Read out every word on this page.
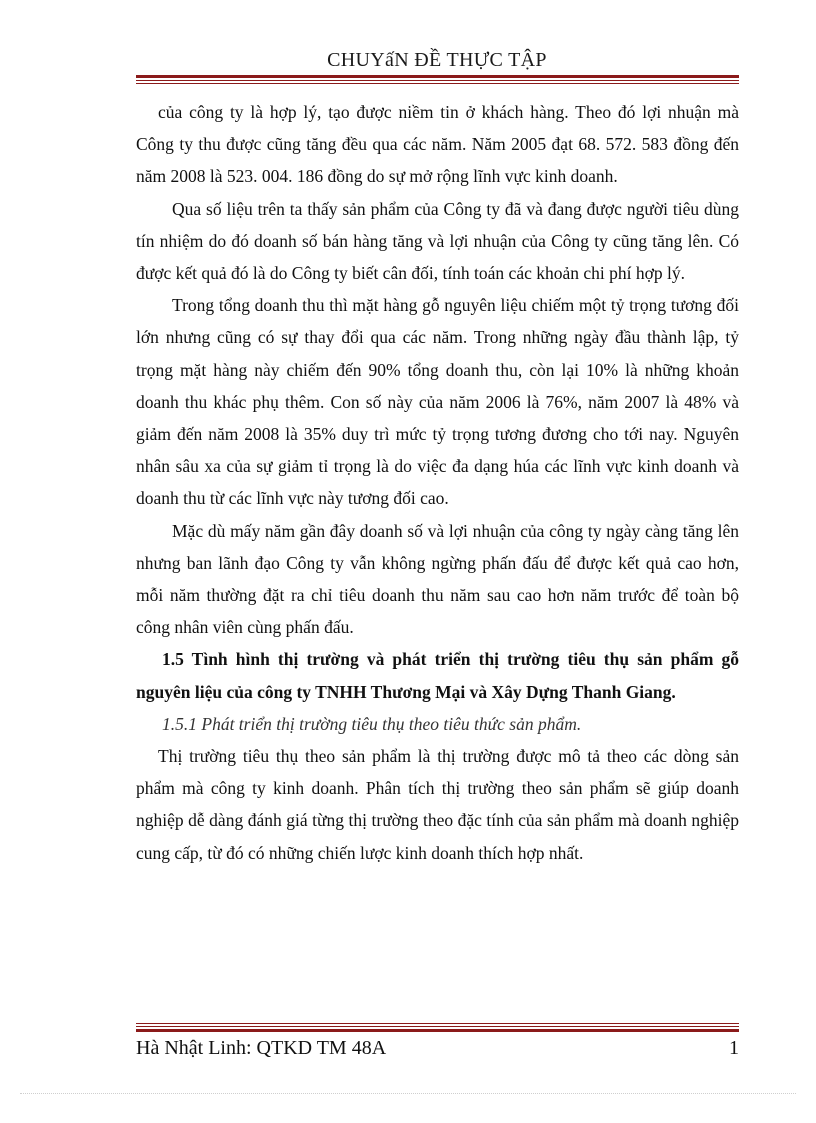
CHUYấN ĐỀ THỰC TẬP

của công ty là hợp lý, tạo được niềm tin ở khách hàng. Theo đó lợi nhuận mà Công ty thu được cũng tăng đều qua các năm. Năm 2005 đạt 68. 572. 583 đồng đến năm 2008 là 523. 004. 186 đồng do sự mở rộng lĩnh vực kinh doanh.

Qua số liệu trên ta thấy sản phẩm của Công ty đã và đang được người tiêu dùng tín nhiệm do đó doanh số bán hàng tăng và lợi nhuận của Công ty cũng tăng lên. Có được kết quả đó là do Công ty biết cân đối, tính toán các khoản chi phí hợp lý.

Trong tổng doanh thu thì mặt hàng gỗ nguyên liệu chiếm một tỷ trọng tương đối lớn nhưng cũng có sự thay đổi qua các năm. Trong những ngày đầu thành lập, tỷ trọng mặt hàng này chiếm đến 90% tổng doanh thu, còn lại 10% là những khoản doanh thu khác phụ thêm. Con số này của năm 2006 là 76%, năm 2007 là 48% và giảm đến năm 2008 là 35% duy trì mức tỷ trọng tương đương cho tới nay. Nguyên nhân sâu xa của sự giảm tỉ trọng là do việc đa dạng húa các lĩnh vực kinh doanh và doanh thu từ các lĩnh vực này tương đối cao.

Mặc dù mấy năm gần đây doanh số và lợi nhuận của công ty ngày càng tăng lên nhưng ban lãnh đạo Công ty vẫn không ngừng phấn đấu để được kết quả cao hơn, mỗi năm thường đặt ra chỉ tiêu doanh thu năm sau cao hơn năm trước để toàn bộ công nhân viên cùng phấn đấu.

1.5 Tình hình thị trường và phát triển thị trường tiêu thụ sản phẩm gỗ nguyên liệu của công ty TNHH Thương Mại và Xây Dựng Thanh Giang.

1.5.1 Phát triển thị trường tiêu thụ theo tiêu thức sản phẩm.

Thị trường tiêu thụ theo sản phẩm là thị trường được mô tả theo các dòng sản phẩm mà công ty kinh doanh. Phân tích thị trường theo sản phẩm sẽ giúp doanh nghiệp dễ dàng đánh giá từng thị trường theo đặc tính của sản phẩm mà doanh nghiệp cung cấp, từ đó có những chiến lược kinh doanh thích hợp nhất.

Hà Nhật Linh: QTKD TM 48A	1
